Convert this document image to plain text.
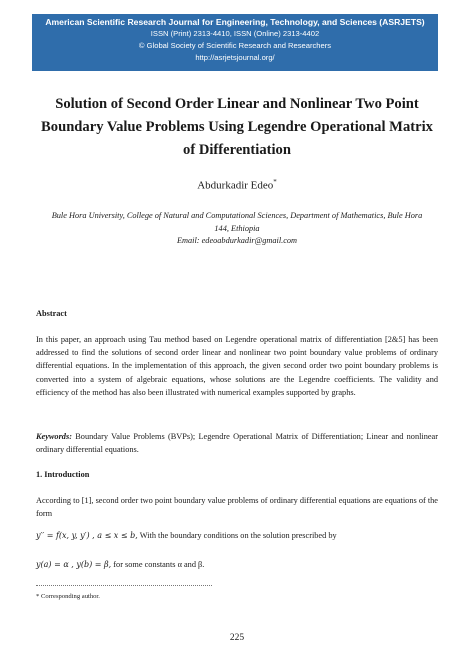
American Scientific Research Journal for Engineering, Technology, and Sciences (ASRJETS)
ISSN (Print) 2313-4410, ISSN (Online) 2313-4402
© Global Society of Scientific Research and Researchers
http://asrjetsjournal.org/
Solution of Second Order Linear and Nonlinear Two Point Boundary Value Problems Using Legendre Operational Matrix of Differentiation
Abdurkadir Edeo*
Bule Hora University, College of Natural and Computational Sciences, Department of Mathematics, Bule Hora 144, Ethiopia
Email: edeoabdurkadir@gmail.com
Abstract
In this paper, an approach using Tau method based on Legendre operational matrix of differentiation [2&5] has been addressed to find the solutions of second order linear and nonlinear two point boundary value problems of ordinary differential equations. In the implementation of this approach, the given second order two point boundary problems is converted into a system of algebraic equations, whose solutions are the Legendre coefficients. The validity and efficiency of the method has also been illustrated with numerical examples supported by graphs.
Keywords: Boundary Value Problems (BVPs); Legendre Operational Matrix of Differentiation; Linear and nonlinear ordinary differential equations.
1. Introduction
According to [1], second order two point boundary value problems of ordinary differential equations are equations of the form
y′′ = f(x, y, y′) , a ≤ x ≤ b, With the boundary conditions on the solution prescribed by
y(a) = α , y(b) = β, for some constants α and β.
* Corresponding author.
225
